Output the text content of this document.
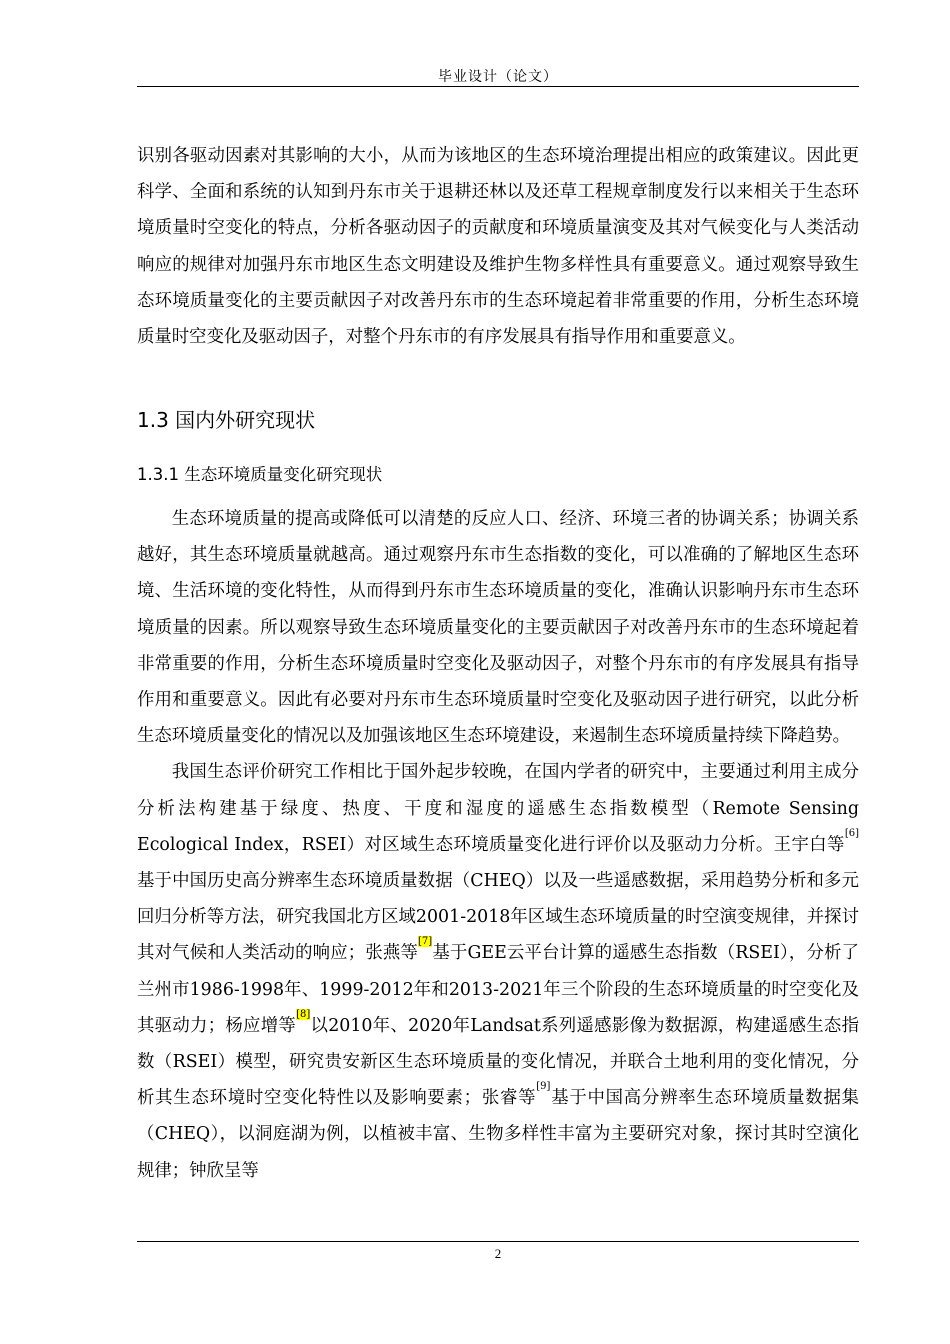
毕业设计（论文）

识别各驱动因素对其影响的大小，从而为该地区的生态环境治理提出相应的政策建议。因此更科学、全面和系统的认知到丹东市关于退耕还林以及还草工程规章制度发行以来相关于生态环境质量时空变化的特点，分析各驱动因子的贡献度和环境质量演变及其对气候变化与人类活动响应的规律对加强丹东市地区生态文明建设及维护生物多样性具有重要意义。通过观察导致生态环境质量变化的主要贡献因子对改善丹东市的生态环境起着非常重要的作用，分析生态环境质量时空变化及驱动因子，对整个丹东市的有序发展具有指导作用和重要意义。

1.3 国内外研究现状
1.3.1 生态环境质量变化研究现状

生态环境质量的提高或降低可以清楚的反应人口、经济、环境三者的协调关系；协调关系越好，其生态环境质量就越高。通过观察丹东市生态指数的变化，可以准确的了解地区生态环境、生活环境的变化特性，从而得到丹东市生态环境质量的变化，准确认识影响丹东市生态环境质量的因素。所以观察导致生态环境质量变化的主要贡献因子对改善丹东市的生态环境起着非常重要的作用，分析生态环境质量时空变化及驱动因子，对整个丹东市的有序发展具有指导作用和重要意义。因此有必要对丹东市生态环境质量时空变化及驱动因子进行研究，以此分析生态环境质量变化的情况以及加强该地区生态环境建设，来遏制生态环境质量持续下降趋势。

我国生态评价研究工作相比于国外起步较晚，在国内学者的研究中，主要通过利用主成分分析法构建基于绿度、热度、干度和湿度的遥感生态指数模型（Remote Sensing Ecological Index，RSEI）对区域生态环境质量变化进行评价以及驱动力分析。王宇白等[6]基于中国历史高分辨率生态环境质量数据（CHEQ）以及一些遥感数据，采用趋势分析和多元回归分析等方法，研究我国北方区域2001-2018年区域生态环境质量的时空演变规律，并探讨其对气候和人类活动的响应；张燕等[7]基于GEE云平台计算的遥感生态指数（RSEI），分析了兰州市1986-1998年、1999-2012年和2013-2021年三个阶段的生态环境质量的时空变化及其驱动力；杨应增等[8]以2010年、2020年Landsat系列遥感影像为数据源，构建遥感生态指数（RSEI）模型，研究贵安新区生态环境质量的变化情况，并联合土地利用的变化情况，分析其生态环境时空变化特性以及影响要素；张睿等[9]基于中国高分辨率生态环境质量数据集（CHEQ），以洞庭湖为例，以植被丰富、生物多样性丰富为主要研究对象，探讨其时空演化规律；钟欣呈等

2
